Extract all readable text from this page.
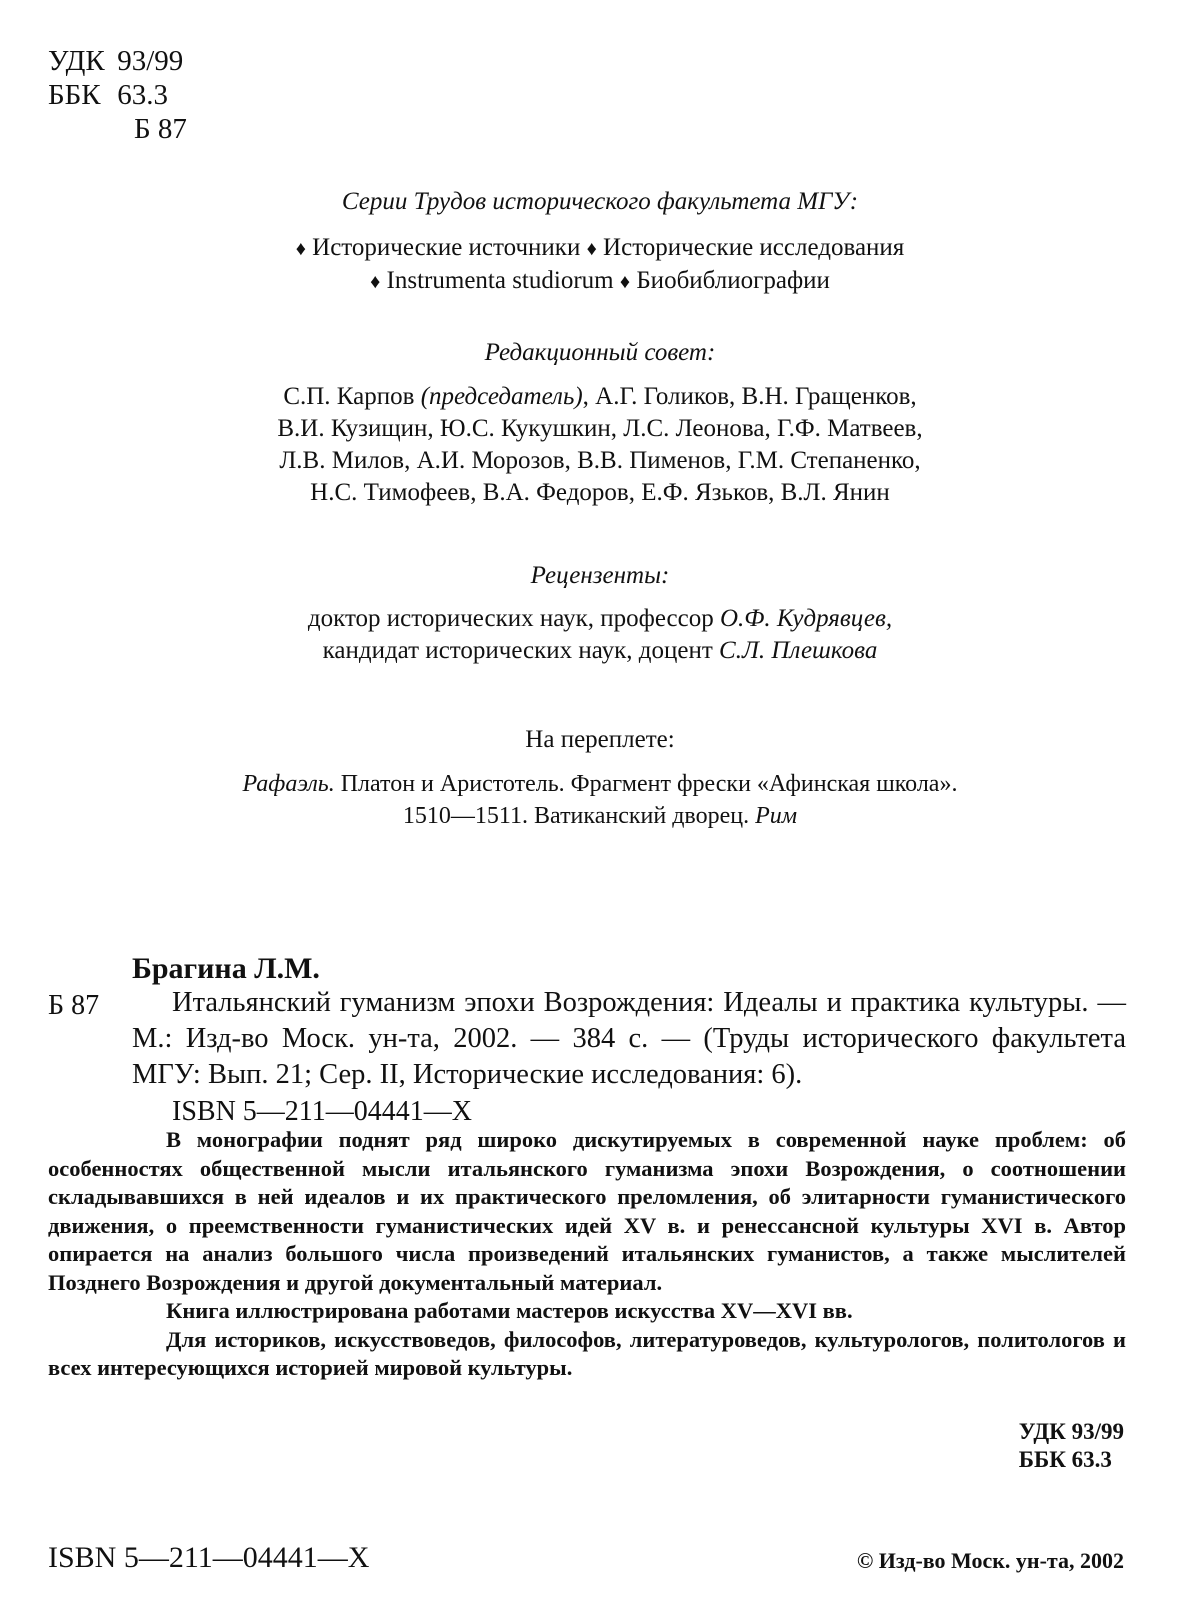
УДК 93/99
ББК 63.3
Б 87
Серии Трудов исторического факультета МГУ:
♦ Исторические источники ♦ Исторические исследования
♦ Instrumenta studiorum ♦ Биобиблиографии
Редакционный совет:
С.П. Карпов (председатель), А.Г. Голиков, В.Н. Гращенков,
В.И. Кузищин, Ю.С. Кукушкин, Л.С. Леонова, Г.Ф. Матвеев,
Л.В. Милов, А.И. Морозов, В.В. Пименов, Г.М. Степаненко,
Н.С. Тимофеев, В.А. Федоров, Е.Ф. Язьков, В.Л. Янин
Рецензенты:
доктор исторических наук, профессор О.Ф. Кудрявцев,
кандидат исторических наук, доцент С.Л. Плешкова
На переплете:
Рафаэль. Платон и Аристотель. Фрагмент фрески «Афинская школа».
1510—1511. Ватиканский дворец. Рим
Брагина Л.М.
Б 87	Итальянский гуманизм эпохи Возрождения: Идеалы и практика культуры. — М.: Изд-во Моск. ун-та, 2002. — 384 с. — (Труды исторического факультета МГУ: Вып. 21; Сер. II, Исторические исследования: 6).
ISBN 5—211—04441—X

В монографии поднят ряд широко дискутируемых в современной науке проблем: об особенностях общественной мысли итальянского гуманизма эпохи Возрождения, о соотношении складывавшихся в ней идеалов и их практического преломления, об элитарности гуманистического движения, о преемственности гуманистических идей XV в. и ренессансной культуры XVI в. Автор опирается на анализ большого числа произведений итальянских гуманистов, а также мыслителей Позднего Возрождения и другой документальный материал.

Книга иллюстрирована работами мастеров искусства XV—XVI вв.

Для историков, искусствоведов, философов, литературоведов, культурологов, политологов и всех интересующихся историей мировой культуры.

УДК 93/99
ББК 63.3
ISBN 5—211—04441—X	© Изд-во Моск. ун-та, 2002
